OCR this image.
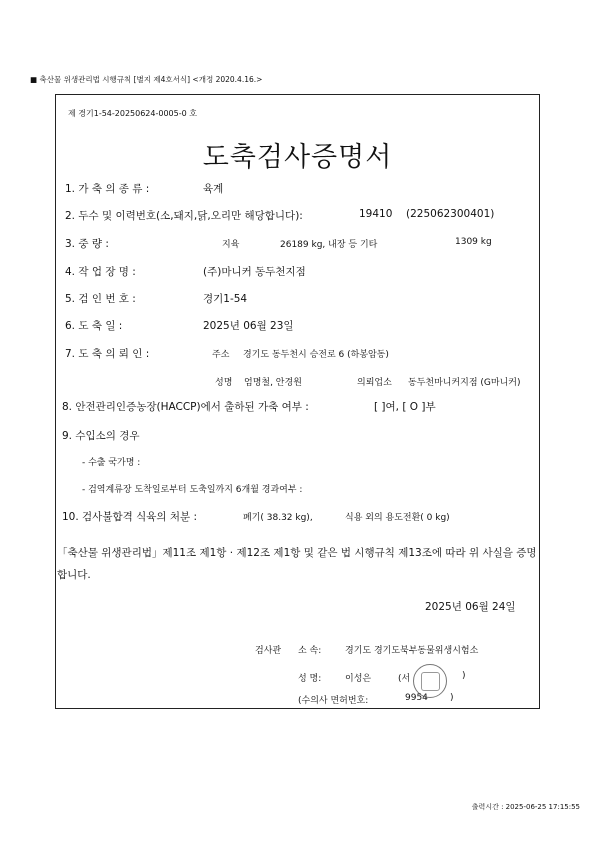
■ 축산물 위생관리법 시행규칙 [별지 제4호서식] <개정 2020.4.16.>
제 경기1-54-20250624-0005-0 호
도축검사증명서
1. 가 축 의 종 류 :	육계
2. 두수 및 이력번호(소,돼지,닭,오리만 해당합니다):	19410 (225062300401)
3. 중 량 :	지육	26189 kg, 내장 등 기타	1309 kg
4. 작 업 장 명 :	(주)마니커 동두천지점
5. 검 인 번 호 :	경기1-54
6. 도 축 일 :	2025년 06월 23일
7. 도 축 의 뢰 인 :	주소 경기도 동두천시 승전로 6 (하봉암동)
성명 엄명철, 안경원	의뢰업소 동두천마니커지점 (G마니커)
8. 안전관리인증농장(HACCP)에서 출하된 가축 여부 :	[ ]여, [ O ]부
9. 수입소의 경우
- 수출 국가명 :
- 검역계류장 도착일로부터 도축일까지 6개월 경과여부 :
10. 검사불합격 식육의 처분 :	폐기( 38.32 kg),	식용 외의 용도전환( 0 kg)
「축산물 위생관리법」제11조 제1항 · 제12조 제1항 및 같은 법 시행규칙 제13조에 따라 위 사실을 증명
합니다.
2025년 06월 24일
검사관 소 속:	경기도 경기도북부동물위생시험소
성 명:	이성은	(서	)
(수의사 면허번호:	9954 )
출력시간 : 2025-06-25 17:15:55
